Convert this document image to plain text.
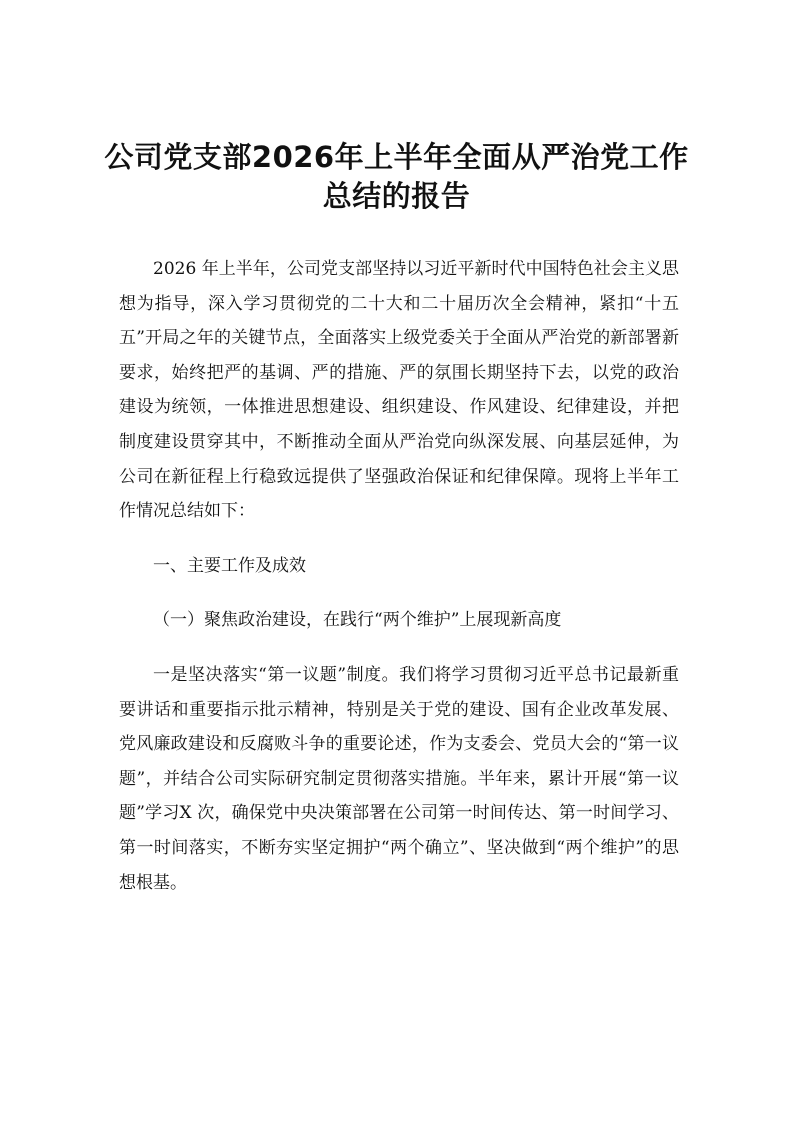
公司党支部2026年上半年全面从严治党工作
总结的报告

2026 年上半年，公司党支部坚持以习近平新时代中国特色社会主义思想为指导，深入学习贯彻党的二十大和二十届历次全会精神，紧扣“十五五”开局之年的关键节点，全面落实上级党委关于全面从严治党的新部署新要求，始终把严的基调、严的措施、严的氛围长期坚持下去，以党的政治建设为统领，一体推进思想建设、组织建设、作风建设、纪律建设，并把制度建设贯穿其中，不断推动全面从严治党向纵深发展、向基层延伸，为公司在新征程上行稳致远提供了坚强政治保证和纪律保障。现将上半年工作情况总结如下：

一、主要工作及成效

（一）聚焦政治建设，在践行“两个维护”上展现新高度

一是坚决落实“第一议题”制度。我们将学习贯彻习近平总书记最新重要讲话和重要指示批示精神，特别是关于党的建设、国有企业改革发展、党风廉政建设和反腐败斗争的重要论述，作为支委会、党员大会的“第一议题”，并结合公司实际研究制定贯彻落实措施。半年来，累计开展“第一议题”学习X 次，确保党中央决策部署在公司第一时间传达、第一时间学习、第一时间落实，不断夯实坚定拥护“两个确立”、坚决做到“两个维护”的思想根基。
